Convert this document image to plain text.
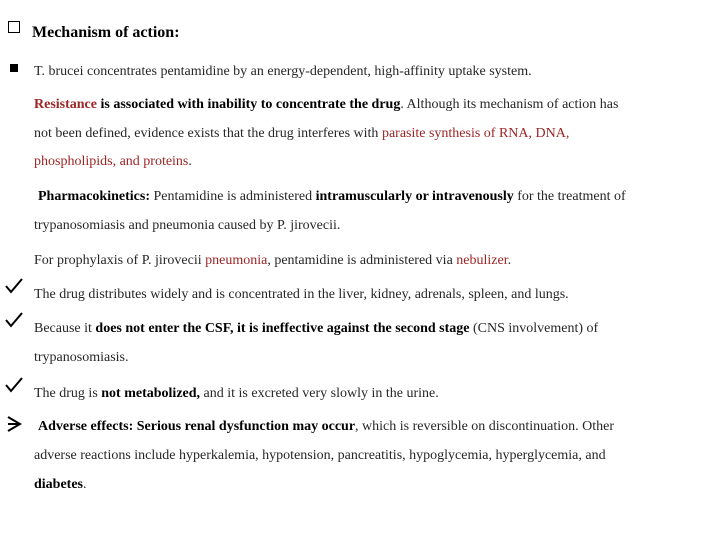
Mechanism of action:
T. brucei concentrates pentamidine by an energy-dependent, high-affinity uptake system.
Resistance is associated with inability to concentrate the drug. Although its mechanism of action has
not been defined, evidence exists that the drug interferes with parasite synthesis of RNA, DNA,
phospholipids, and proteins.
Pharmacokinetics: Pentamidine is administered intramuscularly or intravenously for the treatment of
trypanosomiasis and pneumonia caused by P. jirovecii.
For prophylaxis of P. jirovecii pneumonia, pentamidine is administered via nebulizer.
The drug distributes widely and is concentrated in the liver, kidney, adrenals, spleen, and lungs.
Because it does not enter the CSF, it is ineffective against the second stage (CNS involvement) of
trypanosomiasis.
The drug is not metabolized, and it is excreted very slowly in the urine.
Adverse effects: Serious renal dysfunction may occur, which is reversible on discontinuation. Other
adverse reactions include hyperkalemia, hypotension, pancreatitis, hypoglycemia, hyperglycemia, and
diabetes.
